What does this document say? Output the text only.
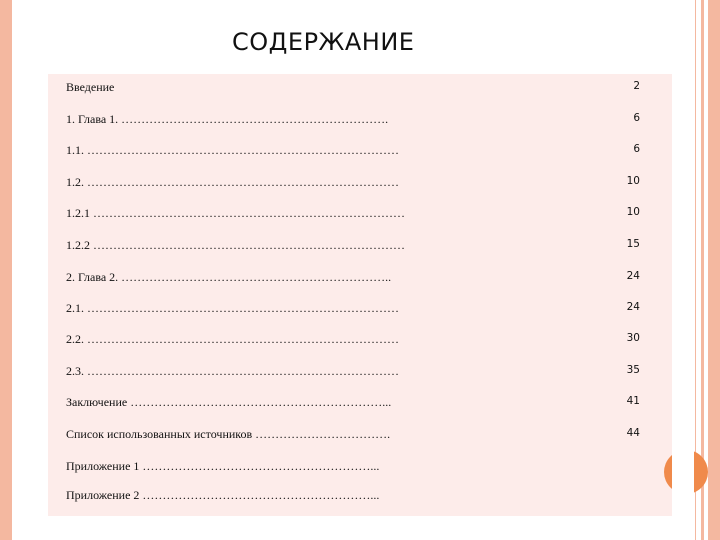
СОДЕРЖАНИЕ
Введение	2
1. Глава 1. ………………………………………………………….	6
1.1. ……………………………………………………………………	6
1.2. ……………………………………………………………………	10
1.2.1 ……………………………………………………………………	10
1.2.2 ……………………………………………………………………	15
2. Глава 2. …………………………………………………………..	24
2.1. ……………………………………………………………………	24
2.2. ……………………………………………………………………	30
2.3. ……………………………………………………………………	35
Заключение ………………………………………………………...	41
Список использованных источников …………………………….	44
Приложение 1 …………………………………………………...
Приложение 2 …………………………………………………...
